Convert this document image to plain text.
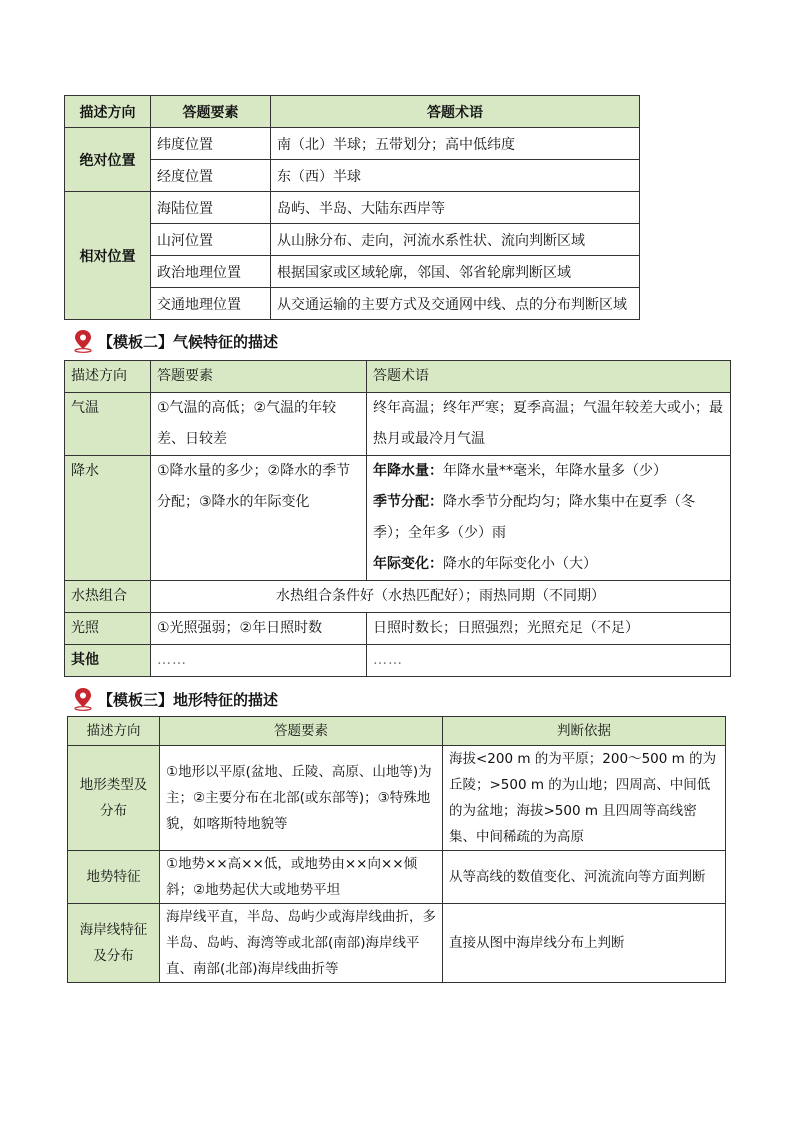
描述方向	答题要素	答题术语
绝对位置	纬度位置	南（北）半球；五带划分；高中低纬度
	经度位置	东（西）半球
相对位置	海陆位置	岛屿、半岛、大陆东西岸等
	山河位置	从山脉分布、走向，河流水系性状、流向判断区域
	政治地理位置	根据国家或区域轮廓，邻国、邻省轮廓判断区域
	交通地理位置	从交通运输的主要方式及交通网中线、点的分布判断区域
【模板二】气候特征的描述
描述方向	答题要素	答题术语
气温	①气温的高低；②气温的年较差、日较差	终年高温；终年严寒；夏季高温；气温年较差大或小；最热月或最冷月气温
降水	①降水量的多少；②降水的季节分配；③降水的年际变化	年降水量：年降水量**毫米，年降水量多（少）
季节分配：降水季节分配均匀；降水集中在夏季（冬季）；全年多（少）雨
年际变化：降水的年际变化小（大）

水热组合	水热组合条件好（水热匹配好）；雨热同期（不同期）	
光照	①光照强弱；②年日照时数	日照时数长；日照强烈；光照充足（不足）
其他	……	……
【模板三】地形特征的描述
描述方向	答题要素	判断依据
地形类型及分布	①地形以平原(盆地、丘陵、高原、山地等)为主；②主要分布在北部(或东部等)；③特殊地貌，如喀斯特地貌等	海拔<200 m 的为平原；200～500 m 的为丘陵；>500 m 的为山地；四周高、中间低的为盆地；海拔>500 m 且四周等高线密集、中间稀疏的为高原
地势特征	①地势××高××低，或地势由××向××倾斜；②地势起伏大或地势平坦	从等高线的数值变化、河流流向等方面判断
海岸线特征及分布	海岸线平直，半岛、岛屿少或海岸线曲折，多半岛、岛屿、海湾等或北部(南部)海岸线平直、南部(北部)海岸线曲折等	直接从图中海岸线分布上判断
